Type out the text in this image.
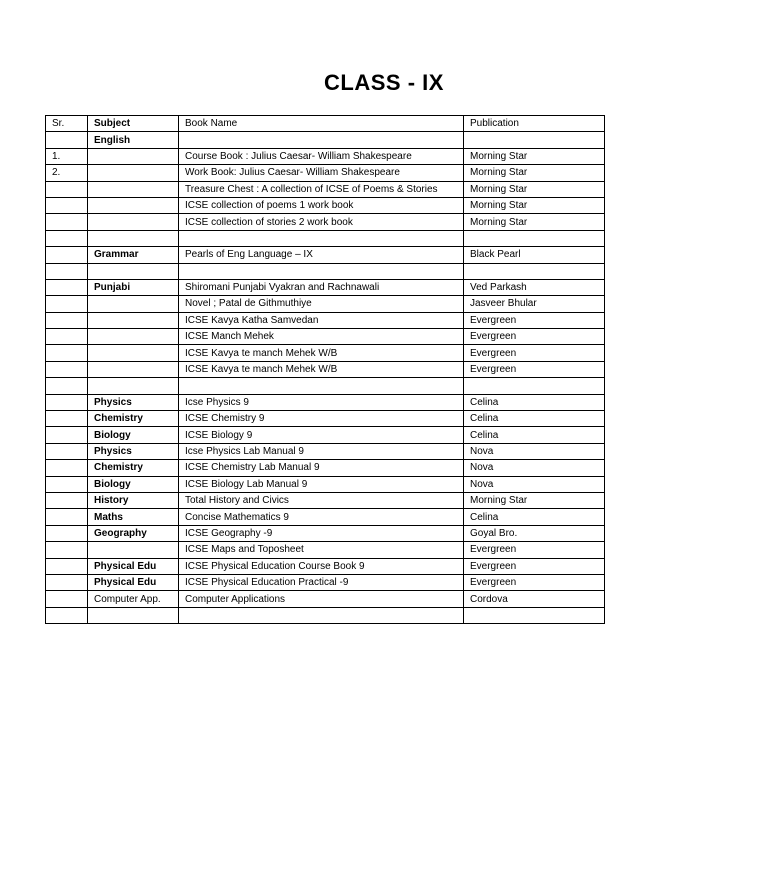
CLASS - IX
Sr.	Subject	Book Name	Publication
	English		
1.		Course Book : Julius Caesar- William Shakespeare	Morning Star
2.		Work Book: Julius Caesar- William Shakespeare	Morning Star
		Treasure Chest : A collection of ICSE of Poems & Stories	Morning Star
		ICSE collection of poems 1 work book	Morning Star
		ICSE collection of stories 2 work book	Morning Star

	Grammar	Pearls of Eng Language – IX	Black Pearl

	Punjabi	Shiromani Punjabi Vyakran and Rachnawali	Ved Parkash
		Novel ; Patal de Githmuthiye	Jasveer Bhular
		ICSE Kavya Katha Samvedan	Evergreen
		ICSE Manch Mehek	Evergreen
		ICSE Kavya te manch Mehek W/B	Evergreen
		ICSE Kavya te manch Mehek W/B	Evergreen

	Physics	Icse Physics 9	Celina
	Chemistry	ICSE Chemistry 9	Celina
	Biology	ICSE Biology 9	Celina
	Physics	Icse Physics Lab Manual 9	Nova
	Chemistry	ICSE Chemistry Lab Manual 9	Nova
	Biology	ICSE Biology Lab Manual 9	Nova
	History	Total History and Civics	Morning Star
	Maths	Concise Mathematics 9	Celina
	Geography	ICSE Geography -9	Goyal Bro.
		ICSE Maps and Toposheet	Evergreen
	Physical Edu	ICSE Physical Education Course Book 9	Evergreen
	Physical Edu	ICSE Physical Education Practical -9	Evergreen
	Computer App.	Computer Applications	Cordova
